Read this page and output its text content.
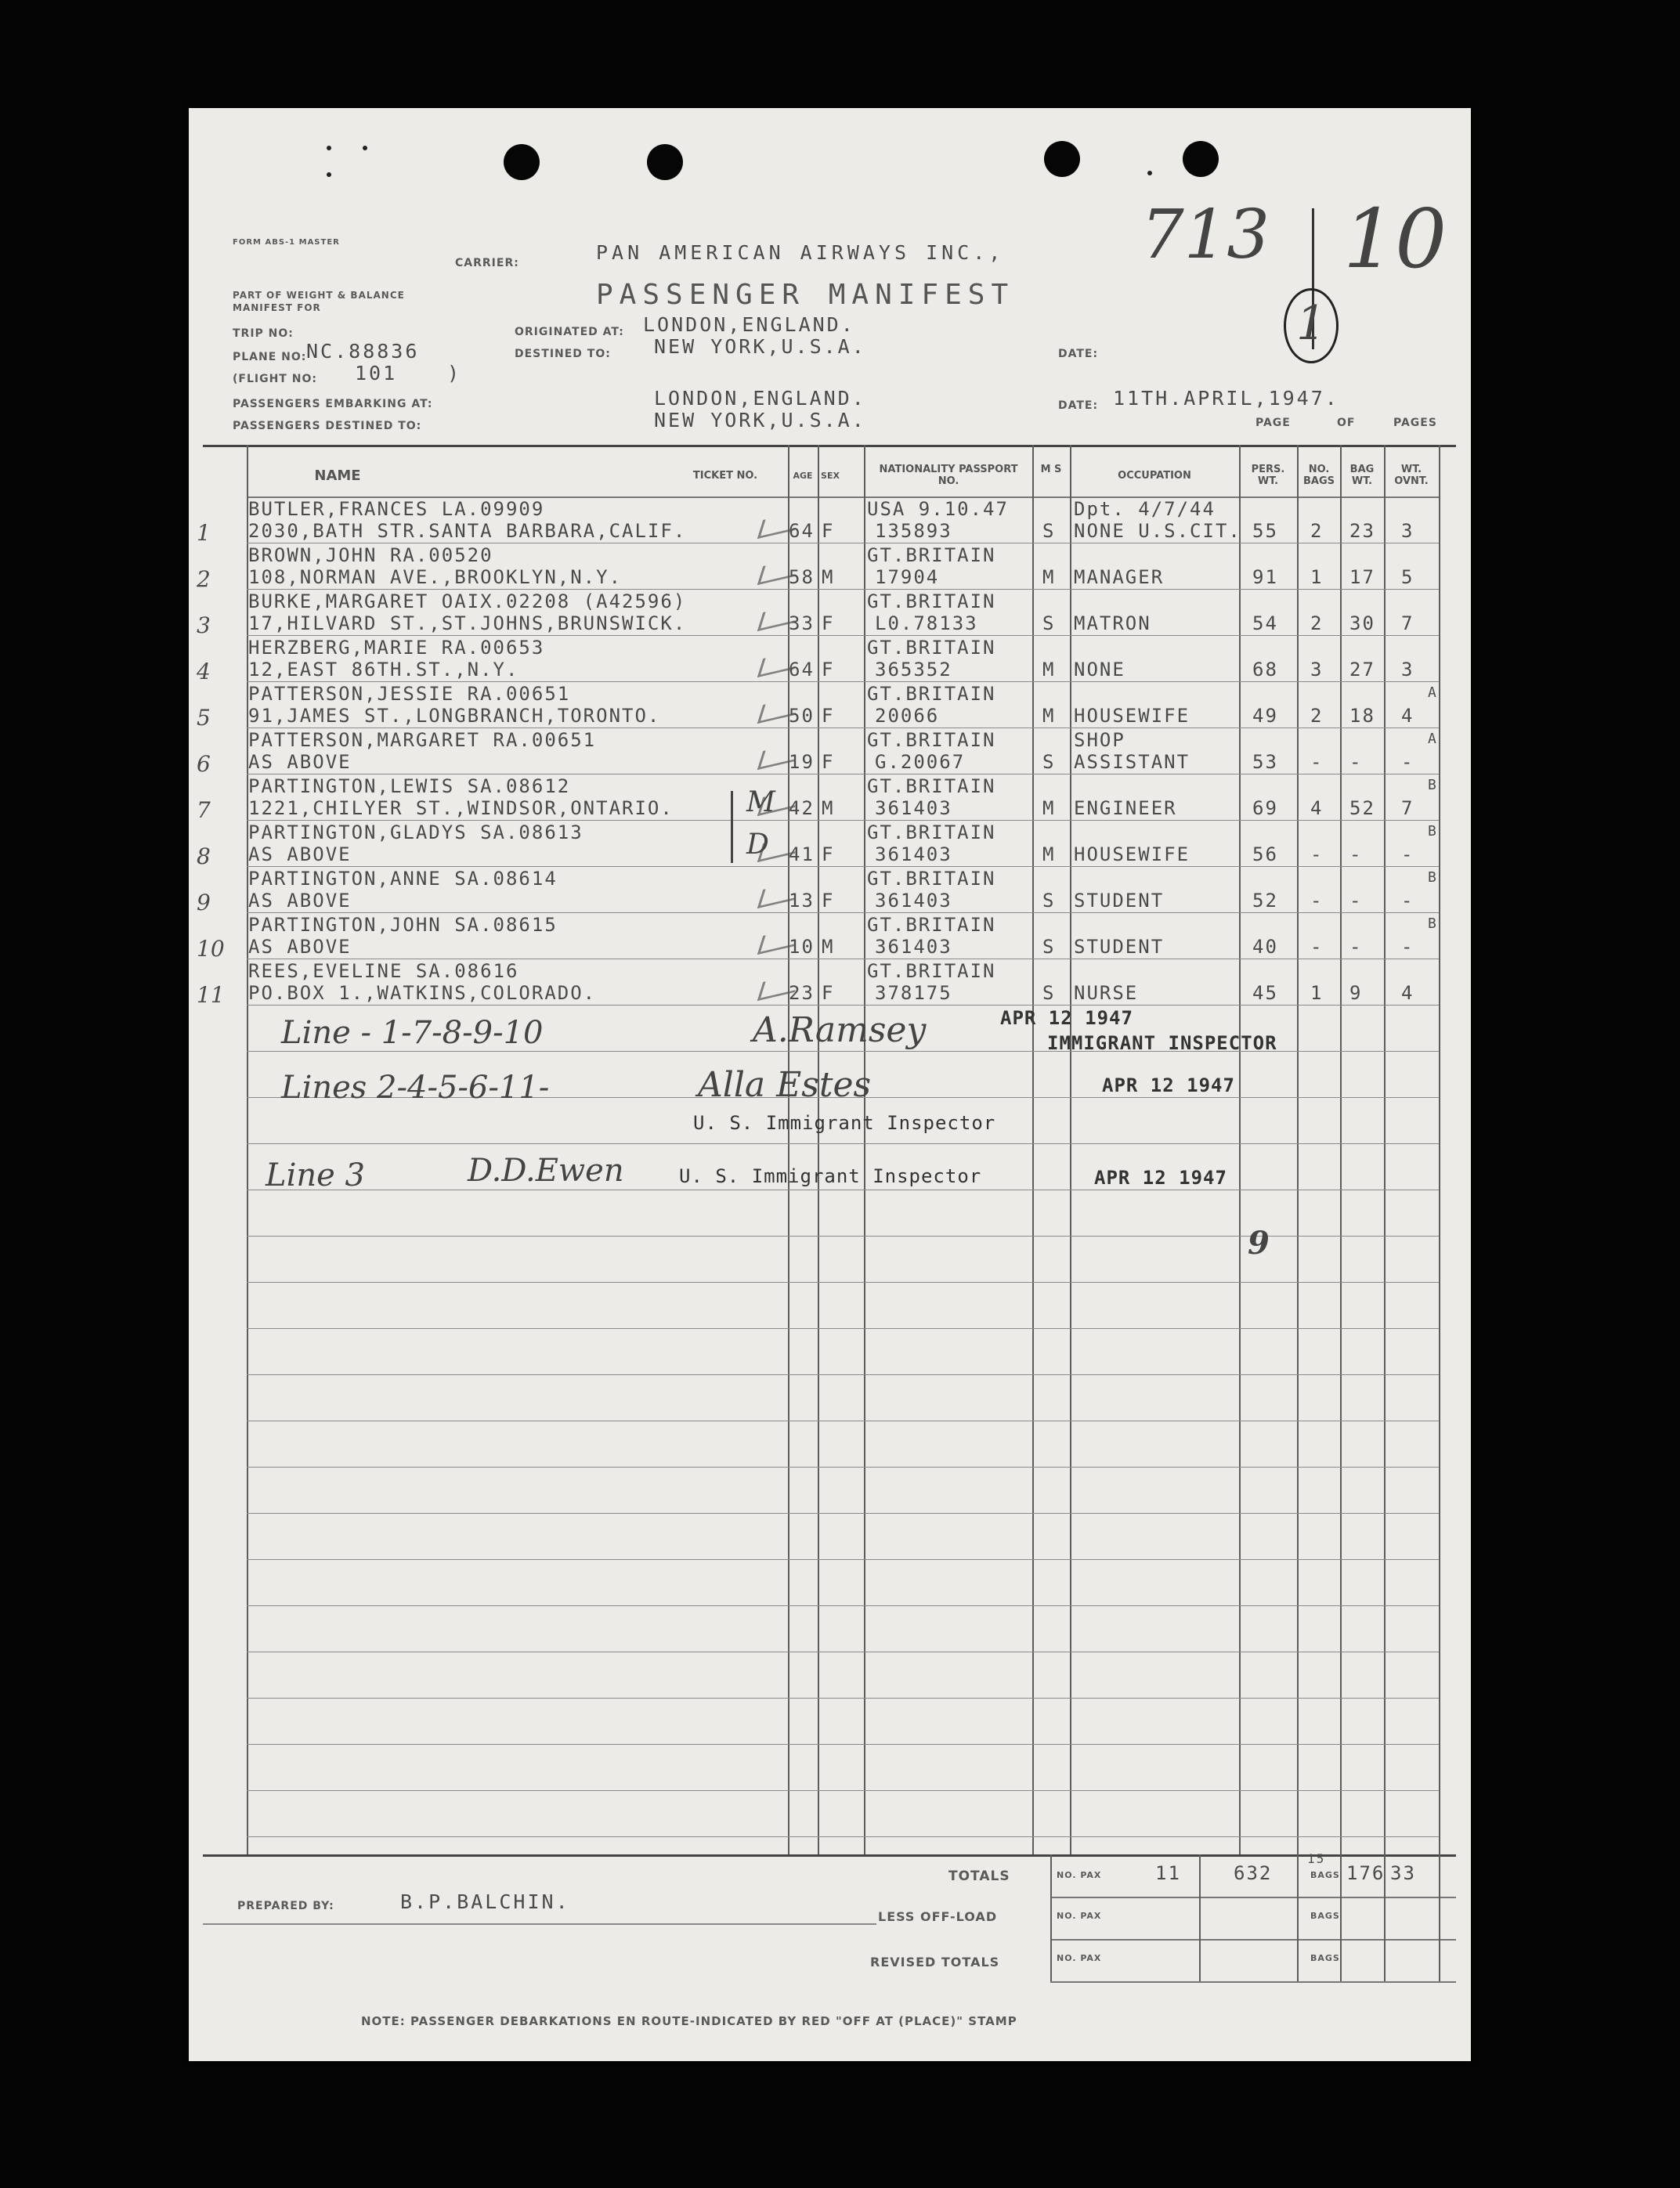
FORM ABS-1 MASTER
PART OF WEIGHT & BALANCE
MANIFEST FOR
TRIP NO:
PLANE NO: NC.88836
(FLIGHT NO: 101	)
CARRIER:	PAN AMERICAN AIRWAYS INC.,
PASSENGER MANIFEST
ORIGINATED AT: LONDON,ENGLAND.
DESTINED TO: NEW YORK,U.S.A.	DATE:
PASSENGERS EMBARKING AT:	LONDON,ENGLAND.
PASSENGERS DESTINED TO:	NEW YORK,U.S.A.
DATE: 11TH.APRIL,1947.
PAGE	OF	PAGES
713 10
1
NAME	TICKET NO.	AGE SEX
NATIONALITY PASSPORT NO.
M S
OCCUPATION
PERS. WT.
NO. BAGS
BAG WT.
WT. OVNT.
1
BUTLER,FRANCES LA.09909
2030,BATH STR.SANTA BARBARA,CALIF.	64 F
USA 9.10.47
135893	S
Dpt. 4/7/44
NONE U.S.CIT. 55 2 23 3
2
BROWN,JOHN RA.00520
108,NORMAN AVE.,BROOKLYN,N.Y.	58 M
GT.BRITAIN
17904	M MANAGER	91 1 17 5
3
BURKE,MARGARET OAIX.02208 (A42596)
17,HILVARD ST.,ST.JOHNS,BRUNSWICK.	33 F
GT.BRITAIN
L0.78133	S MATRON	54 2 30 7
4
HERZBERG,MARIE RA.00653
12,EAST 86TH.ST.,N.Y.	64 F
GT.BRITAIN
365352	M NONE	68 3 27 3
5
PATTERSON,JESSIE RA.00651
91,JAMES ST.,LONGBRANCH,TORONTO.	50 F
GT.BRITAIN
20066	M HOUSEWIFE	49 2 18 4
A
6
PATTERSON,MARGARET RA.00651
AS ABOVE	19 F
GT.BRITAIN
G.20067	S
SHOP
ASSISTANT	53 - - -
A
7
PARTINGTON,LEWIS SA.08612
1221,CHILYER ST.,WINDSOR,ONTARIO.	42 M
GT.BRITAIN
361403	M ENGINEER	69 4 52 7
B
8
PARTINGTON,GLADYS SA.08613
AS ABOVE	41 F
GT.BRITAIN
361403	M HOUSEWIFE	56 - - -
B
9
PARTINGTON,ANNE SA.08614
AS ABOVE	13 F
GT.BRITAIN
361403	S STUDENT	52 - - -
B
10
PARTINGTON,JOHN SA.08615
AS ABOVE	10 M
GT.BRITAIN
361403	S STUDENT	40 - - -
B
11
REES,EVELINE SA.08616
PO.BOX 1.,WATKINS,COLORADO.	23 F
GT.BRITAIN
378175	S NURSE	45 1 9 4
Line - 1-7-8-9-10	A.Ramsey	APR 12 1947
IMMIGRANT INSPECTOR
Lines 2-4-5-6-11-	Alla Estes	APR 12 1947
U. S. Immigrant Inspector
Line 3	D.D.Ewen	APR 12 1947
U. S. Immigrant Inspector
9
M
D
TOTALS
LESS OFF-LOAD
REVISED TOTALS
NO. PAX
NO. PAX
NO. PAX
BAGS
BAGS
BAGS
11	632
15
176 33
PREPARED BY:	B.P.BALCHIN.
NOTE: PASSENGER DEBARKATIONS EN ROUTE-INDICATED BY RED "OFF AT (PLACE)" STAMP
